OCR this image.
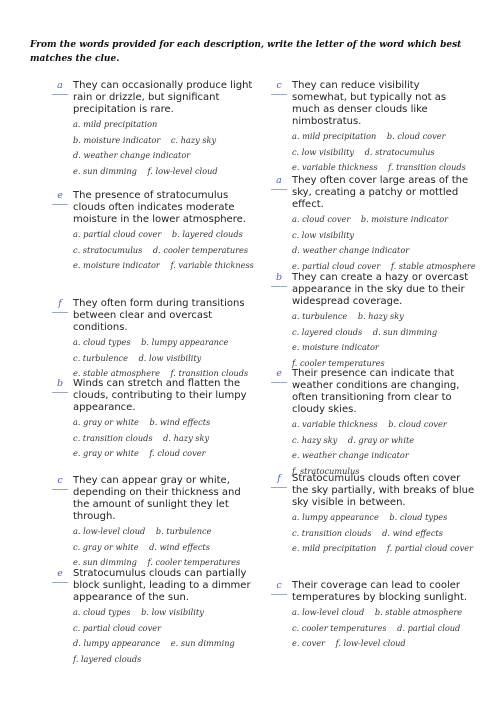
From the words provided for each description, write the letter of the word which best matches the clue.
a	They can occasionally produce light rain or drizzle, but significant precipitation is rare.
a. mild precipitation b. moisture indicator c. hazy sky d. weather change indicator e. sun dimming f. low-level cloud
e	The presence of stratocumulus clouds often indicates moderate moisture in the lower atmosphere.
a. partial cloud cover b. layered clouds c. stratocumulus d. cooler temperatures e. moisture indicator f. variable thickness
f	They often form during transitions between clear and overcast conditions.
a. cloud types b. lumpy appearance c. turbulence d. low visibility e. stable atmosphere f. transition clouds
b Winds can stretch and flatten the clouds, contributing to their lumpy appearance.
a. gray or white b. wind effects c. transition clouds d. hazy sky e. gray or white f. cloud cover
c	They can appear gray or white, depending on their thickness and the amount of sunlight they let through.
a. low-level cloud b. turbulence c. gray or white d. wind effects e. sun dimming f. cooler temperatures
e	Stratocumulus clouds can partially block sunlight, leading to a dimmer appearance of the sun.
a. cloud types b. low visibility c. partial cloud cover d. lumpy appearance e. sun dimming f. layered clouds
c	They can reduce visibility somewhat, but typically not as much as denser clouds like nimbostratus.
a. mild precipitation b. cloud cover c. low visibility d. stratocumulus e. variable thickness f. transition clouds
a	They often cover large areas of the sky, creating a patchy or mottled effect.
a. cloud cover b. moisture indicator c. low visibility d. weather change indicator e. partial cloud cover f. stable atmosphere
b They can create a hazy or overcast appearance in the sky due to their widespread coverage.
a. turbulence b. hazy sky c. layered clouds d. sun dimming e. moisture indicator f. cooler temperatures
e	Their presence can indicate that weather conditions are changing, often transitioning from clear to cloudy skies.
a. variable thickness b. cloud cover c. hazy sky d. gray or white e. weather change indicator f. stratocumulus
f	Stratocumulus clouds often cover the sky partially, with breaks of blue sky visible in between.
a. lumpy appearance b. cloud types c. transition clouds d. wind effects e. mild precipitation f. partial cloud cover
c	Their coverage can lead to cooler temperatures by blocking sunlight.
a. low-level cloud b. stable atmosphere c. cooler temperatures d. partial cloud e. cover f. low-level cloud
